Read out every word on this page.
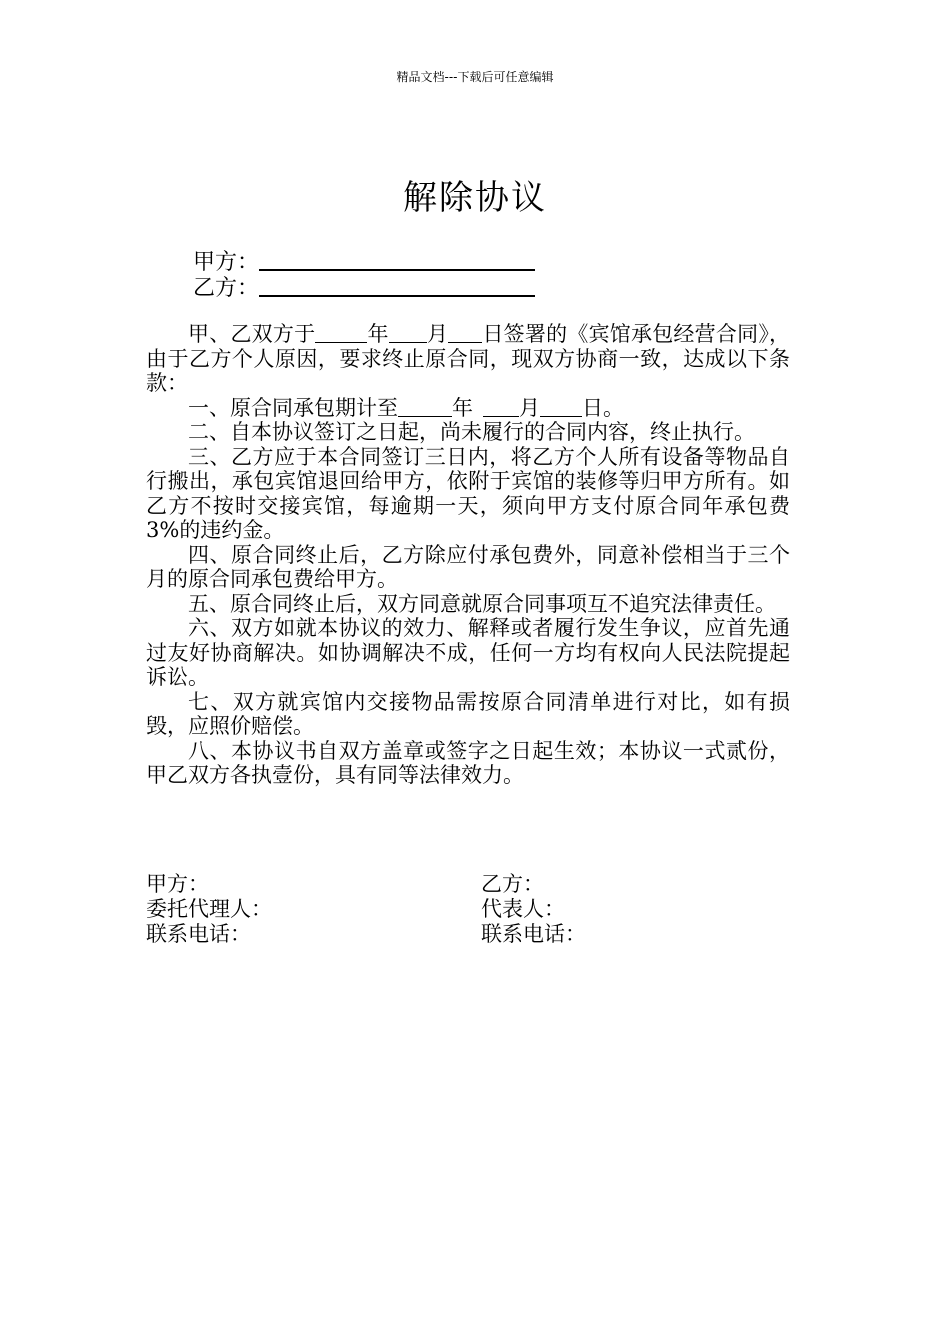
精品文档---下载后可任意编辑
解除协议
甲方：
乙方：

甲、乙双方于 年 月 日签署的《宾馆承包经营合同》，由于乙方个人原因，要求终止原合同，现双方协商一致，达成以下条款：

一、原合同承包期计至	年 月 日。

二、自本协议签订之日起，尚未履行的合同内容，终止执行。

三、乙方应于本合同签订三日内，将乙方个人所有设备等物品自行搬出，承包宾馆退回给甲方，依附于宾馆的装修等归甲方所有。如乙方不按时交接宾馆，每逾期一天，须向甲方支付原合同年承包费 3%的违约金。

四、原合同终止后，乙方除应付承包费外，同意补偿相当于三个月的原合同承包费给甲方。

五、原合同终止后，双方同意就原合同事项互不追究法律责任。

六、双方如就本协议的效力、解释或者履行发生争议，应首先通过友好协商解决。如协调解决不成，任何一方均有权向人民法院提起诉讼。

七、双方就宾馆内交接物品需按原合同清单进行对比，如有损毁，应照价赔偿。

八、本协议书自双方盖章或签字之日起生效；本协议一式贰份，甲乙双方各执壹份，具有同等法律效力。

甲方：	乙方：
委托代理人：	代表人：
联系电话：	联系电话：
